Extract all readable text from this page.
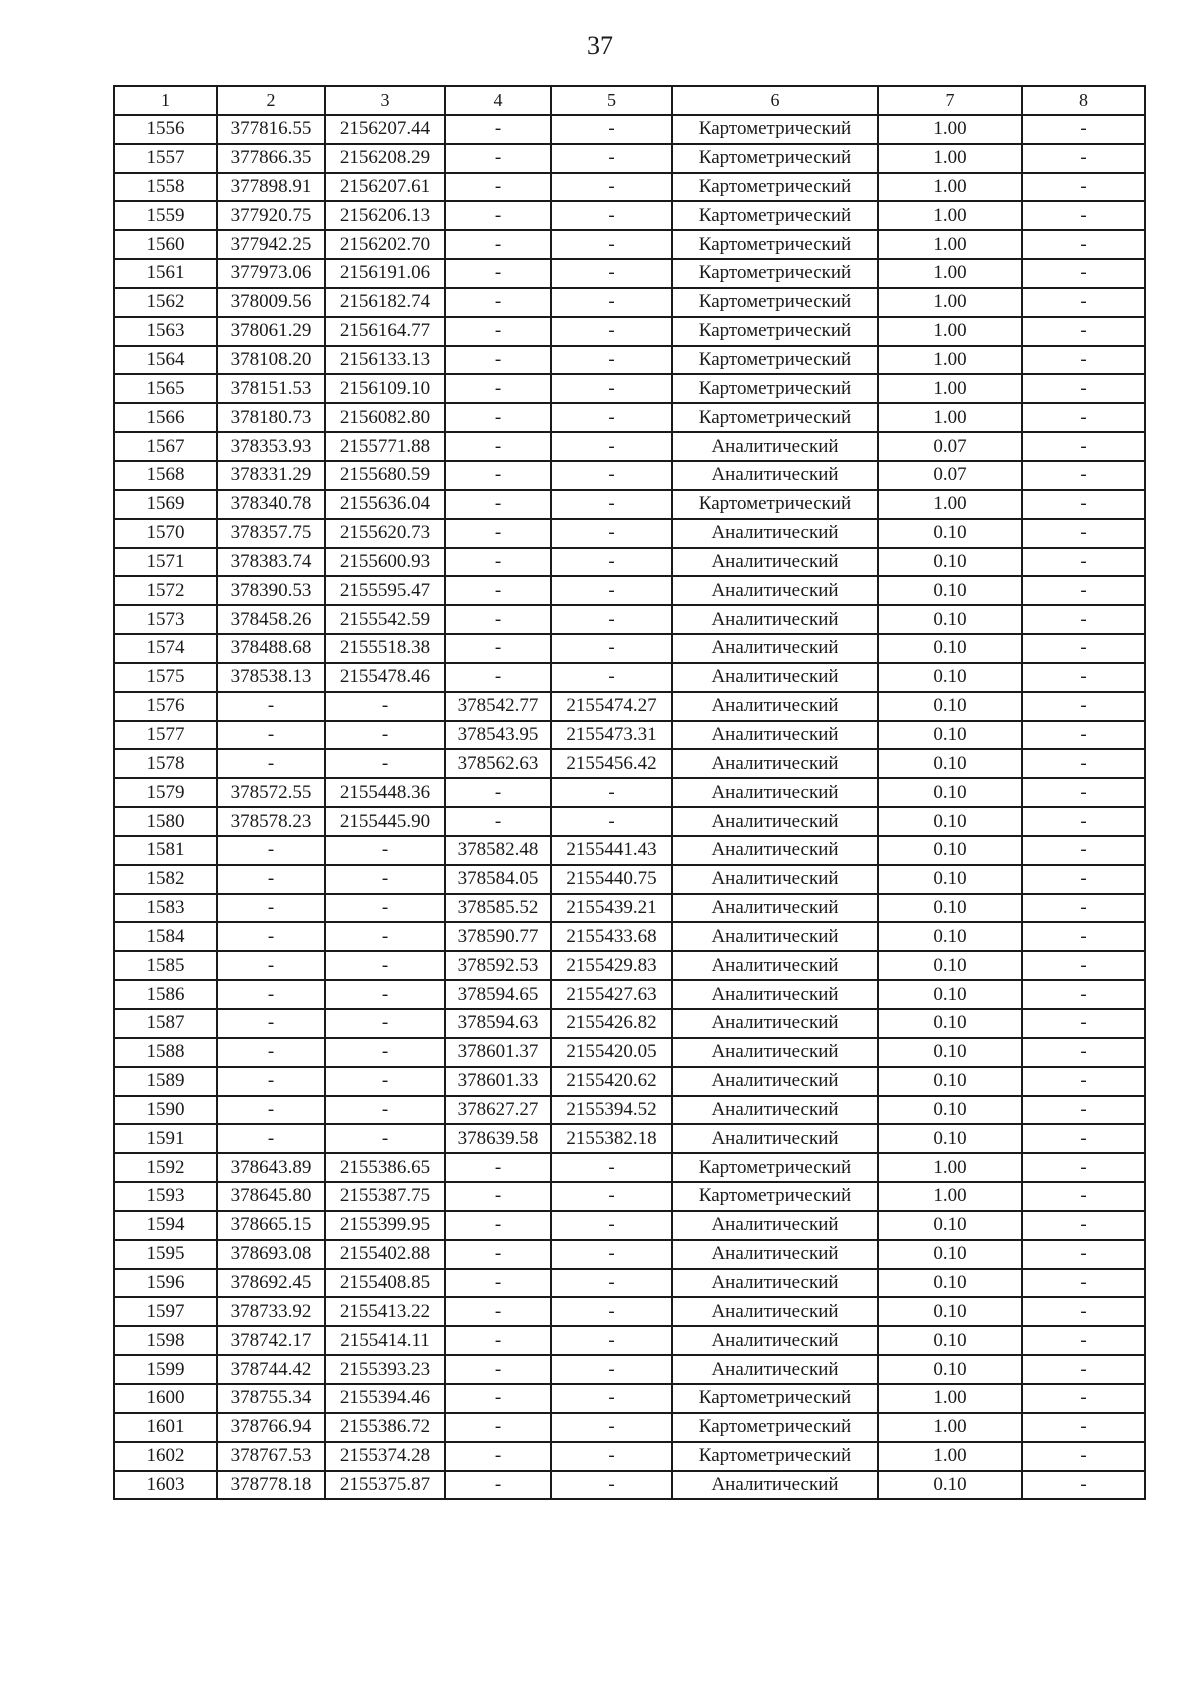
37
1	2	3	4	5	6	7	8
1556	377816.55	2156207.44	-	-	Картометрический	1.00	-
1557	377866.35	2156208.29	-	-	Картометрический	1.00	-
1558	377898.91	2156207.61	-	-	Картометрический	1.00	-
1559	377920.75	2156206.13	-	-	Картометрический	1.00	-
1560	377942.25	2156202.70	-	-	Картометрический	1.00	-
1561	377973.06	2156191.06	-	-	Картометрический	1.00	-
1562	378009.56	2156182.74	-	-	Картометрический	1.00	-
1563	378061.29	2156164.77	-	-	Картометрический	1.00	-
1564	378108.20	2156133.13	-	-	Картометрический	1.00	-
1565	378151.53	2156109.10	-	-	Картометрический	1.00	-
1566	378180.73	2156082.80	-	-	Картометрический	1.00	-
1567	378353.93	2155771.88	-	-	Аналитический	0.07	-
1568	378331.29	2155680.59	-	-	Аналитический	0.07	-
1569	378340.78	2155636.04	-	-	Картометрический	1.00	-
1570	378357.75	2155620.73	-	-	Аналитический	0.10	-
1571	378383.74	2155600.93	-	-	Аналитический	0.10	-
1572	378390.53	2155595.47	-	-	Аналитический	0.10	-
1573	378458.26	2155542.59	-	-	Аналитический	0.10	-
1574	378488.68	2155518.38	-	-	Аналитический	0.10	-
1575	378538.13	2155478.46	-	-	Аналитический	0.10	-
1576	-	-	378542.77	2155474.27	Аналитический	0.10	-
1577	-	-	378543.95	2155473.31	Аналитический	0.10	-
1578	-	-	378562.63	2155456.42	Аналитический	0.10	-
1579	378572.55	2155448.36	-	-	Аналитический	0.10	-
1580	378578.23	2155445.90	-	-	Аналитический	0.10	-
1581	-	-	378582.48	2155441.43	Аналитический	0.10	-
1582	-	-	378584.05	2155440.75	Аналитический	0.10	-
1583	-	-	378585.52	2155439.21	Аналитический	0.10	-
1584	-	-	378590.77	2155433.68	Аналитический	0.10	-
1585	-	-	378592.53	2155429.83	Аналитический	0.10	-
1586	-	-	378594.65	2155427.63	Аналитический	0.10	-
1587	-	-	378594.63	2155426.82	Аналитический	0.10	-
1588	-	-	378601.37	2155420.05	Аналитический	0.10	-
1589	-	-	378601.33	2155420.62	Аналитический	0.10	-
1590	-	-	378627.27	2155394.52	Аналитический	0.10	-
1591	-	-	378639.58	2155382.18	Аналитический	0.10	-
1592	378643.89	2155386.65	-	-	Картометрический	1.00	-
1593	378645.80	2155387.75	-	-	Картометрический	1.00	-
1594	378665.15	2155399.95	-	-	Аналитический	0.10	-
1595	378693.08	2155402.88	-	-	Аналитический	0.10	-
1596	378692.45	2155408.85	-	-	Аналитический	0.10	-
1597	378733.92	2155413.22	-	-	Аналитический	0.10	-
1598	378742.17	2155414.11	-	-	Аналитический	0.10	-
1599	378744.42	2155393.23	-	-	Аналитический	0.10	-
1600	378755.34	2155394.46	-	-	Картометрический	1.00	-
1601	378766.94	2155386.72	-	-	Картометрический	1.00	-
1602	378767.53	2155374.28	-	-	Картометрический	1.00	-
1603	378778.18	2155375.87	-	-	Аналитический	0.10	-
